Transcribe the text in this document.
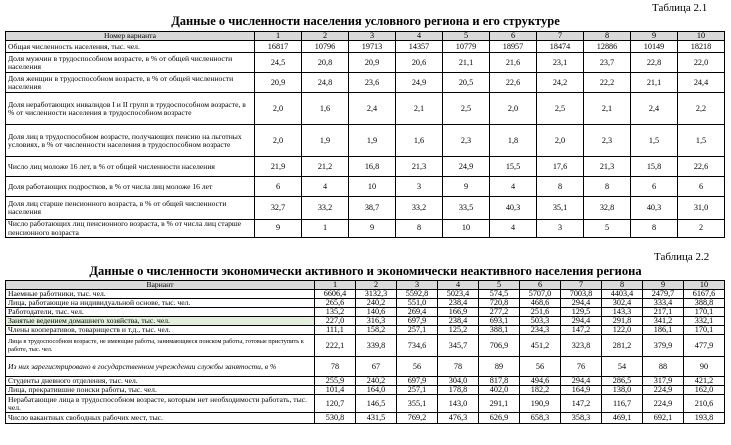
Таблица 2.1
Данные о численности населения условного региона и его структуре
Номер варианта	1	2	3	4	5	6	7	8	9	10
Общая численность населения, тыс. чел.	16817	10796	19713	14357	10779	18957	18474	12886	10149	18218
Доля мужчин в трудоспособном возрасте, в % от общей численности населения	24,5	20,8	20,9	20,6	21,1	21,6	23,1	23,7	22,8	22,0
Доля женщин в трудоспособном возрасте, в % от общей численности населения	20,9	24,8	23,6	24,9	20,5	22,6	24,2	22,2	21,1	24,4
Доля неработающих инвалидов I и II групп в трудоспособном возрасте, в % от численности населения в трудоспособном возрасте	2,0	1,6	2,4	2,1	2,5	2,0	2,5	2,1	2,4	2,2
Доля лиц в трудоспособном возрасте, получающих пенсию на льготных условиях, в % от численности населения в трудоспособном возрасте	2,0	1,9	1,9	1,6	2,3	1,8	2,0	2,3	1,5	1,5
Число лиц моложе 16 лет, в % от общей численности населения	21,9	21,2	16,8	21,3	24,9	15,5	17,6	21,3	15,8	22,6
Доля работающих подростков, в % от числа лиц моложе 16 лет	6	4	10	3	9	4	8	8	6	6
Доля лиц старше пенсионного возраста, в % от общей численности населения	32,7	33,2	38,7	33,2	33,5	40,3	35,1	32,8	40,3	31,0
Число работающих лиц пенсионного возраста, в % от числа лиц старше пенсионного возраста	9	1	9	8	10	4	3	5	8	2
Таблица 2.2
Данные о численности экономически активного и экономически неактивного населения региона
Вариант	1	2	3	4	5	6	7	8	9	10
Наемные работники, тыс. чел.	6606,4	3132,3	5592,8	5023,4	574,5	5707,0	7003,8	4403,4	2479,7	6167,6
Лица, работающие на индивидуальной основе, тыс. чел.	265,6	240,2	551,0	238,4	720,8	468,6	294,4	302,4	333,4	388,8
Работодатели, тыс. чел.	135,2	140,6	269,4	166,9	277,2	251,6	129,5	143,3	217,1	170,1
Занятые ведением домашнего хозяйства, тыс. чел.	227,0	316,3	697,9	238,4	693,1	503,3	294,4	291,8	341,2	332,1
Члены кооперативов, товариществ и т.д., тыс. чел.	111,1	158,2	257,1	125,2	388,1	234,3	147,2	122,0	186,1	170,1
Лица в трудоспособном возрасте, не имеющие работы, занимающиеся поиском работы, готовые приступить к работе, тыс. чел.	222,1	339,8	734,6	345,7	706,9	451,2	323,8	281,2	379,9	477,9
Из них зарегистрировано в государственном учреждении службы занятости, в %	78	67	56	78	89	56	76	54	88	90
Студенты дневного отделения, тыс. чел.	255,9	240,2	697,9	304,0	817,8	494,6	294,4	286,5	317,9	421,2
Лица, прекратившие поиски работы, тыс. чел.	101,4	164,0	257,1	178,8	402,0	182,2	164,9	138,0	224,9	162,0
Нерабатающие лица в трудоспособном возрасте, которым нет необходимости работать, тыс. чел.	120,7	146,5	355,1	143,0	291,1	190,9	147,2	116,7	224,9	210,6
Число вакантных свободных рабочих мест, тыс.	530,8	431,5	769,2	476,3	626,9	658,3	358,3	469,1	692,1	193,8
